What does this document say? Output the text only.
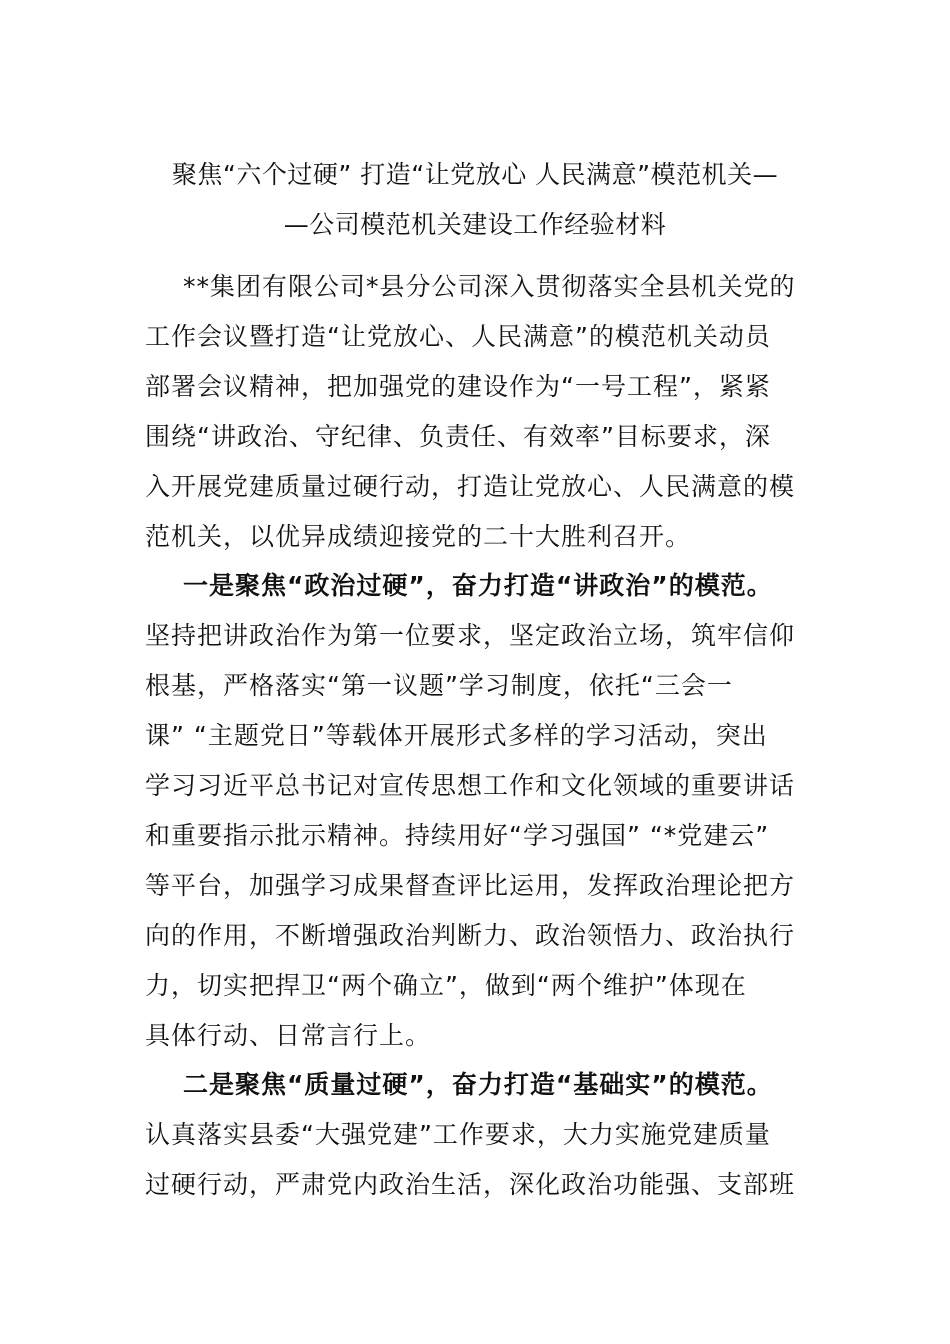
聚焦“六个过硬” 打造“让党放心 人民满意”模范机关—
—公司模范机关建设工作经验材料
**集团有限公司*县分公司深入贯彻落实全县机关党的
工作会议暨打造“让党放心、人民满意”的模范机关动员
部署会议精神，把加强党的建设作为“一号工程”，紧紧
围绕“讲政治、守纪律、负责任、有效率”目标要求，深
入开展党建质量过硬行动，打造让党放心、人民满意的模
范机关，以优异成绩迎接党的二十大胜利召开。
一是聚焦“政治过硬”，奋力打造“讲政治”的模范。
坚持把讲政治作为第一位要求，坚定政治立场，筑牢信仰
根基，严格落实“第一议题”学习制度，依托“三会一
课” “主题党日”等载体开展形式多样的学习活动，突出
学习习近平总书记对宣传思想工作和文化领域的重要讲话
和重要指示批示精神。持续用好“学习强国” “*党建云”
等平台，加强学习成果督查评比运用，发挥政治理论把方
向的作用，不断增强政治判断力、政治领悟力、政治执行
力，切实把捍卫“两个确立”，做到“两个维护”体现在
具体行动、日常言行上。
二是聚焦“质量过硬”，奋力打造“基础实”的模范。
认真落实县委“大强党建”工作要求，大力实施党建质量
过硬行动，严肃党内政治生活，深化政治功能强、支部班
